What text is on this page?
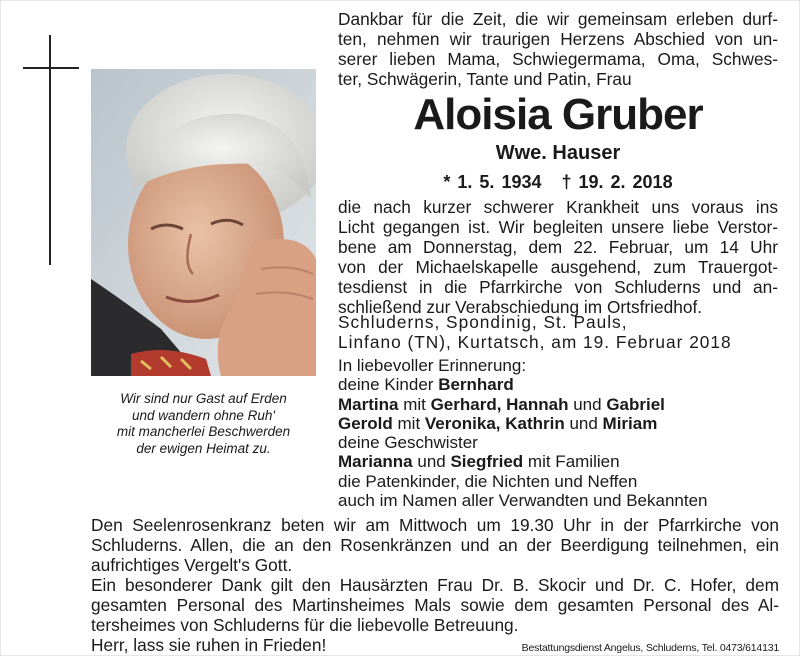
Wir sind nur Gast auf Erden
und wandern ohne Ruh'
mit mancherlei Beschwerden
der ewigen Heimat zu.
Dankbar für die Zeit, die wir gemeinsam erleben durf-
ten, nehmen wir traurigen Herzens Abschied von un-
serer lieben Mama, Schwiegermama, Oma, Schwes-
ter, Schwägerin, Tante und Patin, Frau
Aloisia Gruber
Wwe. Hauser
* 1. 5. 1934 † 19. 2. 2018
die nach kurzer schwerer Krankheit uns voraus ins
Licht gegangen ist. Wir begleiten unsere liebe Verstor-
bene am Donnerstag, dem 22. Februar, um 14 Uhr
von der Michaelskapelle ausgehend, zum Trauergot-
tesdienst in die Pfarrkirche von Schluderns und an-
schließend zur Verabschiedung im Ortsfriedhof.
Schluderns, Spondinig, St. Pauls,
Linfano (TN), Kurtatsch, am 19. Februar 2018
In liebevoller Erinnerung:
deine Kinder Bernhard
Martina mit Gerhard, Hannah und Gabriel
Gerold mit Veronika, Kathrin und Miriam
deine Geschwister
Marianna und Siegfried mit Familien
die Patenkinder, die Nichten und Neffen
auch im Namen aller Verwandten und Bekannten
Den Seelenrosenkranz beten wir am Mittwoch um 19.30 Uhr in der Pfarrkirche von
Schluderns. Allen, die an den Rosenkränzen und an der Beerdigung teilnehmen, ein
aufrichtiges Vergelt's Gott.
Ein besonderer Dank gilt den Hausärzten Frau Dr. B. Skocir und Dr. C. Hofer, dem
gesamten Personal des Martinsheimes Mals sowie dem gesamten Personal des Al-
tersheimes von Schluderns für die liebevolle Betreuung.
Herr, lass sie ruhen in Frieden!	Bestattungsdienst Angelus, Schluderns, Tel. 0473/614131
